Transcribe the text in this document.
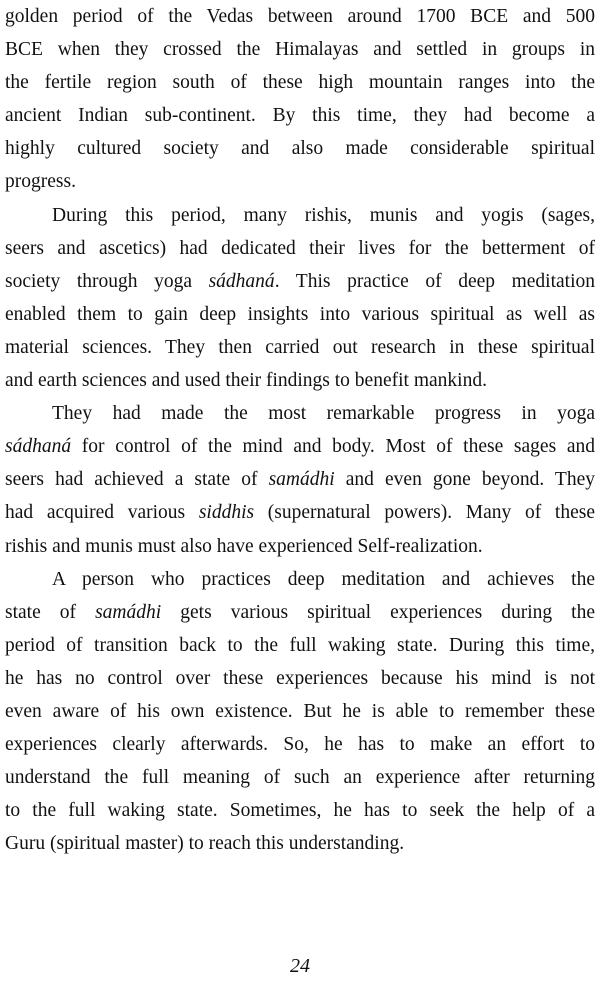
golden period of the Vedas between around 1700 BCE and 500
BCE when they crossed the Himalayas and settled in groups in
the fertile region south of these high mountain ranges into the
ancient Indian sub-continent. By this time, they had become a
highly cultured society and also made considerable spiritual
progress.
During this period, many rishis, munis and yogis (sages,
seers and ascetics) had dedicated their lives for the betterment of
society through yoga sádhaná. This practice of deep meditation
enabled them to gain deep insights into various spiritual as well as
material sciences. They then carried out research in these spiritual
and earth sciences and used their findings to benefit mankind.
They had made the most remarkable progress in yoga
sádhaná for control of the mind and body. Most of these sages and
seers had achieved a state of samádhi and even gone beyond. They
had acquired various siddhis (supernatural powers). Many of these
rishis and munis must also have experienced Self-realization.
A person who practices deep meditation and achieves the
state of samádhi gets various spiritual experiences during the
period of transition back to the full waking state. During this time,
he has no control over these experiences because his mind is not
even aware of his own existence. But he is able to remember these
experiences clearly afterwards. So, he has to make an effort to
understand the full meaning of such an experience after returning
to the full waking state. Sometimes, he has to seek the help of a
Guru (spiritual master) to reach this understanding.
24
